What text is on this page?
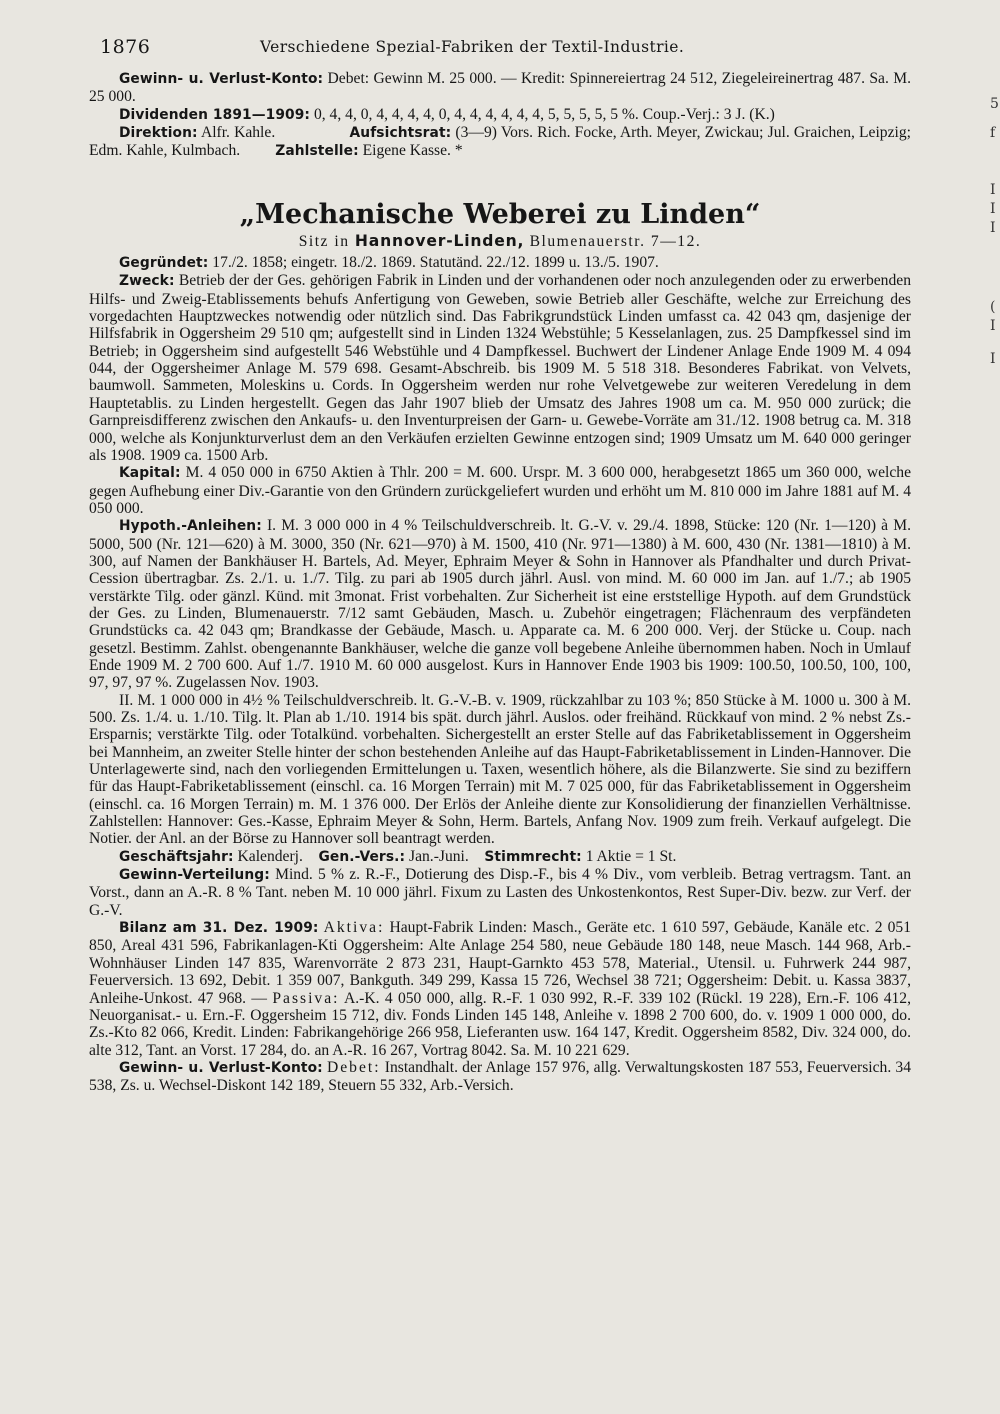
1876	Verschiedene Spezial-Fabriken der Textil-Industrie.

Gewinn- u. Verlust-Konto: Debet: Gewinn M. 25 000. — Kredit: Spinnereiertrag 24 512, Ziegeleireinertrag 487. Sa. M. 25 000.

Dividenden 1891—1909: 0, 4, 4, 0, 4, 4, 4, 4, 0, 4, 4, 4, 4, 4, 4, 5, 5, 5, 5, 5 %. Coup.-Verj.: 3 J. (K.)

Direktion: Alfr. Kahle.	Aufsichtsrat: (3—9) Vors. Rich. Focke, Arth. Meyer, Zwickau; Jul. Graichen, Leipzig; Edm. Kahle, Kulmbach.	Zahlstelle: Eigene Kasse. *

„Mechanische Weberei zu Linden“
Sitz in Hannover-Linden, Blumenauerstr. 7—12.

Gegründet: 17./2. 1858; eingetr. 18./2. 1869. Statutänd. 22./12. 1899 u. 13./5. 1907.

Zweck: Betrieb der der Ges. gehörigen Fabrik in Linden und der vorhandenen oder noch anzulegenden oder zu erwerbenden Hilfs- und Zweig-Etablissements behufs Anfertigung von Geweben, sowie Betrieb aller Geschäfte, welche zur Erreichung des vorgedachten Hauptzweckes notwendig oder nützlich sind. Das Fabrikgrundstück Linden umfasst ca. 42 043 qm, dasjenige der Hilfsfabrik in Oggersheim 29 510 qm; aufgestellt sind in Linden 1324 Webstühle; 5 Kesselanlagen, zus. 25 Dampfkessel sind im Betrieb; in Oggersheim sind aufgestellt 546 Webstühle und 4 Dampfkessel. Buchwert der Lindener Anlage Ende 1909 M. 4 094 044, der Oggersheimer Anlage M. 579 698. Gesamt-Abschreib. bis 1909 M. 5 518 318. Besonderes Fabrikat. von Velvets, baumwoll. Sammeten, Moleskins u. Cords. In Oggersheim werden nur rohe Velvetgewebe zur weiteren Veredelung in dem Hauptetablis. zu Linden hergestellt. Gegen das Jahr 1907 blieb der Umsatz des Jahres 1908 um ca. M. 950 000 zurück; die Garnpreisdifferenz zwischen den Ankaufs- u. den Inventurpreisen der Garn- u. Gewebe-Vorräte am 31./12. 1908 betrug ca. M. 318 000, welche als Konjunkturverlust dem an den Verkäufen erzielten Gewinne entzogen sind; 1909 Umsatz um M. 640 000 geringer als 1908. 1909 ca. 1500 Arb.

Kapital: M. 4 050 000 in 6750 Aktien à Thlr. 200 = M. 600. Urspr. M. 3 600 000, herabgesetzt 1865 um 360 000, welche gegen Aufhebung einer Div.-Garantie von den Gründern zurückgeliefert wurden und erhöht um M. 810 000 im Jahre 1881 auf M. 4 050 000.

Hypoth.-Anleihen: I. M. 3 000 000 in 4 % Teilschuldverschreib. lt. G.-V. v. 29./4. 1898, Stücke: 120 (Nr. 1—120) à M. 5000, 500 (Nr. 121—620) à M. 3000, 350 (Nr. 621—970) à M. 1500, 410 (Nr. 971—1380) à M. 600, 430 (Nr. 1381—1810) à M. 300, auf Namen der Bankhäuser H. Bartels, Ad. Meyer, Ephraim Meyer & Sohn in Hannover als Pfandhalter und durch Privat-Cession übertragbar. Zs. 2./1. u. 1./7. Tilg. zu pari ab 1905 durch jährl. Ausl. von mind. M. 60 000 im Jan. auf 1./7.; ab 1905 verstärkte Tilg. oder gänzl. Künd. mit 3monat. Frist vorbehalten. Zur Sicherheit ist eine erststellige Hypoth. auf dem Grundstück der Ges. zu Linden, Blumenauerstr. 7/12 samt Gebäuden, Masch. u. Zubehör eingetragen; Flächenraum des verpfändeten Grundstücks ca. 42 043 qm; Brandkasse der Gebäude, Masch. u. Apparate ca. M. 6 200 000. Verj. der Stücke u. Coup. nach gesetzl. Bestimm. Zahlst. obengenannte Bankhäuser, welche die ganze voll begebene Anleihe übernommen haben. Noch in Umlauf Ende 1909 M. 2 700 600. Auf 1./7. 1910 M. 60 000 ausgelost. Kurs in Hannover Ende 1903 bis 1909: 100.50, 100.50, 100, 100, 97, 97, 97 %. Zugelassen Nov. 1903.

II. M. 1 000 000 in 4½ % Teilschuldverschreib. lt. G.-V.-B. v. 1909, rückzahlbar zu 103 %; 850 Stücke à M. 1000 u. 300 à M. 500. Zs. 1./4. u. 1./10. Tilg. lt. Plan ab 1./10. 1914 bis spät. durch jährl. Auslos. oder freihänd. Rückkauf von mind. 2 % nebst Zs.-Ersparnis; verstärkte Tilg. oder Totalkünd. vorbehalten. Sichergestellt an erster Stelle auf das Fabriketablissement in Oggersheim bei Mannheim, an zweiter Stelle hinter der schon bestehenden Anleihe auf das Haupt-Fabriketablissement in Linden-Hannover. Die Unterlagewerte sind, nach den vorliegenden Ermittelungen u. Taxen, wesentlich höhere, als die Bilanzwerte. Sie sind zu beziffern für das Haupt-Fabriketablissement (einschl. ca. 16 Morgen Terrain) mit M. 7 025 000, für das Fabriketablissement in Oggersheim (einschl. ca. 16 Morgen Terrain) m. M. 1 376 000. Der Erlös der Anleihe diente zur Konsolidierung der finanziellen Verhältnisse. Zahlstellen: Hannover: Ges.-Kasse, Ephraim Meyer & Sohn, Herm. Bartels, Anfang Nov. 1909 zum freih. Verkauf aufgelegt. Die Notier. der Anl. an der Börse zu Hannover soll beantragt werden.

Geschäftsjahr: Kalenderj. Gen.-Vers.: Jan.-Juni. Stimmrecht: 1 Aktie = 1 St.

Gewinn-Verteilung: Mind. 5 % z. R.-F., Dotierung des Disp.-F., bis 4 % Div., vom verbleib. Betrag vertragsm. Tant. an Vorst., dann an A.-R. 8 % Tant. neben M. 10 000 jährl. Fixum zu Lasten des Unkostenkontos, Rest Super-Div. bezw. zur Verf. der G.-V.

Bilanz am 31. Dez. 1909: Aktiva: Haupt-Fabrik Linden: Masch., Geräte etc. 1 610 597, Gebäude, Kanäle etc. 2 051 850, Areal 431 596, Fabrikanlagen-Kti Oggersheim: Alte Anlage 254 580, neue Gebäude 180 148, neue Masch. 144 968, Arb.-Wohnhäuser Linden 147 835, Warenvorräte 2 873 231, Haupt-Garnkto 453 578, Material., Utensil. u. Fuhrwerk 244 987, Feuerversich. 13 692, Debit. 1 359 007, Bankguth. 349 299, Kassa 15 726, Wechsel 38 721; Oggersheim: Debit. u. Kassa 3837, Anleihe-Unkost. 47 968. — Passiva: A.-K. 4 050 000, allg. R.-F. 1 030 992, R.-F. 339 102 (Rückl. 19 228), Ern.-F. 106 412, Neuorganisat.- u. Ern.-F. Oggersheim 15 712, div. Fonds Linden 145 148, Anleihe v. 1898 2 700 600, do. v. 1909 1 000 000, do. Zs.-Kto 82 066, Kredit. Linden: Fabrikangehörige 266 958, Lieferanten usw. 164 147, Kredit. Oggersheim 8582, Div. 324 000, do. alte 312, Tant. an Vorst. 17 284, do. an A.-R. 16 267, Vortrag 8042. Sa. M. 10 221 629.

Gewinn- u. Verlust-Konto: Debet: Instandhalt. der Anlage 157 976, allg. Verwaltungskosten 187 553, Feuerversich. 34 538, Zs. u. Wechsel-Diskont 142 189, Steuern 55 332, Arb.-Versich.

5
f
I
I
I
(
I
I
